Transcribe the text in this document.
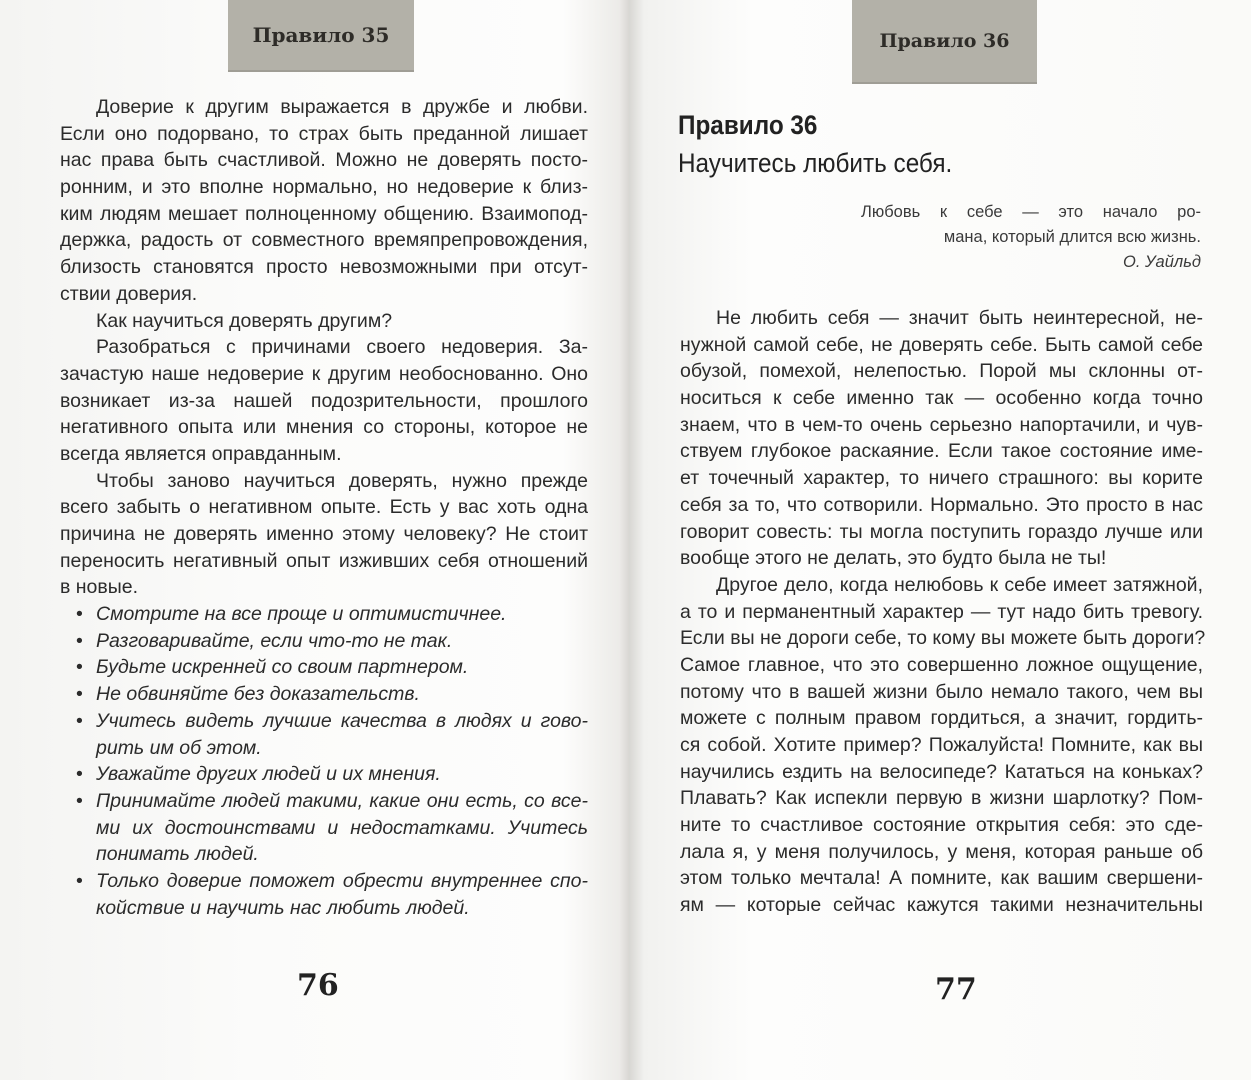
Правило 35	Правило 36
Доверие к другим выражается в дружбе и любви.
Если оно подорвано, то страх быть преданной лишает
нас права быть счастливой. Можно не доверять посто-
ронним, и это вполне нормально, но недоверие к близ-
ким людям мешает полноценному общению. Взаимопод-
держка, радость от совместного времяпрепровождения,
близость становятся просто невозможными при отсут-
ствии доверия.
Как научиться доверять другим?
Разобраться с причинами своего недоверия. За-
зачастую наше недоверие к другим необоснованно. Оно
возникает из-за нашей подозрительности, прошлого
негативного опыта или мнения со стороны, которое не
всегда является оправданным.
Чтобы заново научиться доверять, нужно прежде
всего забыть о негативном опыте. Есть у вас хоть одна
причина не доверять именно этому человеку? Не стоит
переносить негативный опыт изживших себя отношений
в новые.
• Смотрите на все проще и оптимистичнее.
• Разговаривайте, если что-то не так.
• Будьте искренней со своим партнером.
• Не обвиняйте без доказательств.
• Учитесь видеть лучшие качества в людях и гово-
рить им об этом.
• Уважайте других людей и их мнения.
• Принимайте людей такими, какие они есть, со все-
ми их достоинствами и недостатками. Учитесь
понимать людей.
• Только доверие поможет обрести внутреннее спо-
койствие и научить нас любить людей.
Правило 36
Научитесь любить себя.
Любовь к себе — это начало ро-
мана, который длится всю жизнь.
О. Уайльд
Не любить себя — значит быть неинтересной, не-
нужной самой себе, не доверять себе. Быть самой себе
обузой, помехой, нелепостью. Порой мы склонны от-
носиться к себе именно так — особенно когда точно
знаем, что в чем-то очень серьезно напортачили, и чув-
ствуем глубокое раскаяние. Если такое состояние име-
ет точечный характер, то ничего страшного: вы корите
себя за то, что сотворили. Нормально. Это просто в нас
говорит совесть: ты могла поступить гораздо лучше или
вообще этого не делать, это будто была не ты!
Другое дело, когда нелюбовь к себе имеет затяжной,
а то и перманентный характер — тут надо бить тревогу.
Если вы не дороги себе, то кому вы можете быть дороги?
Самое главное, что это совершенно ложное ощущение,
потому что в вашей жизни было немало такого, чем вы
можете с полным правом гордиться, а значит, гордить-
ся собой. Хотите пример? Пожалуйста! Помните, как вы
научились ездить на велосипеде? Кататься на коньках?
Плавать? Как испекли первую в жизни шарлотку? Пом-
ните то счастливое состояние открытия себя: это сде-
лала я, у меня получилось, у меня, которая раньше об
этом только мечтала! А помните, как вашим свершени-
ям — которые сейчас кажутся такими незначительны
76	77
